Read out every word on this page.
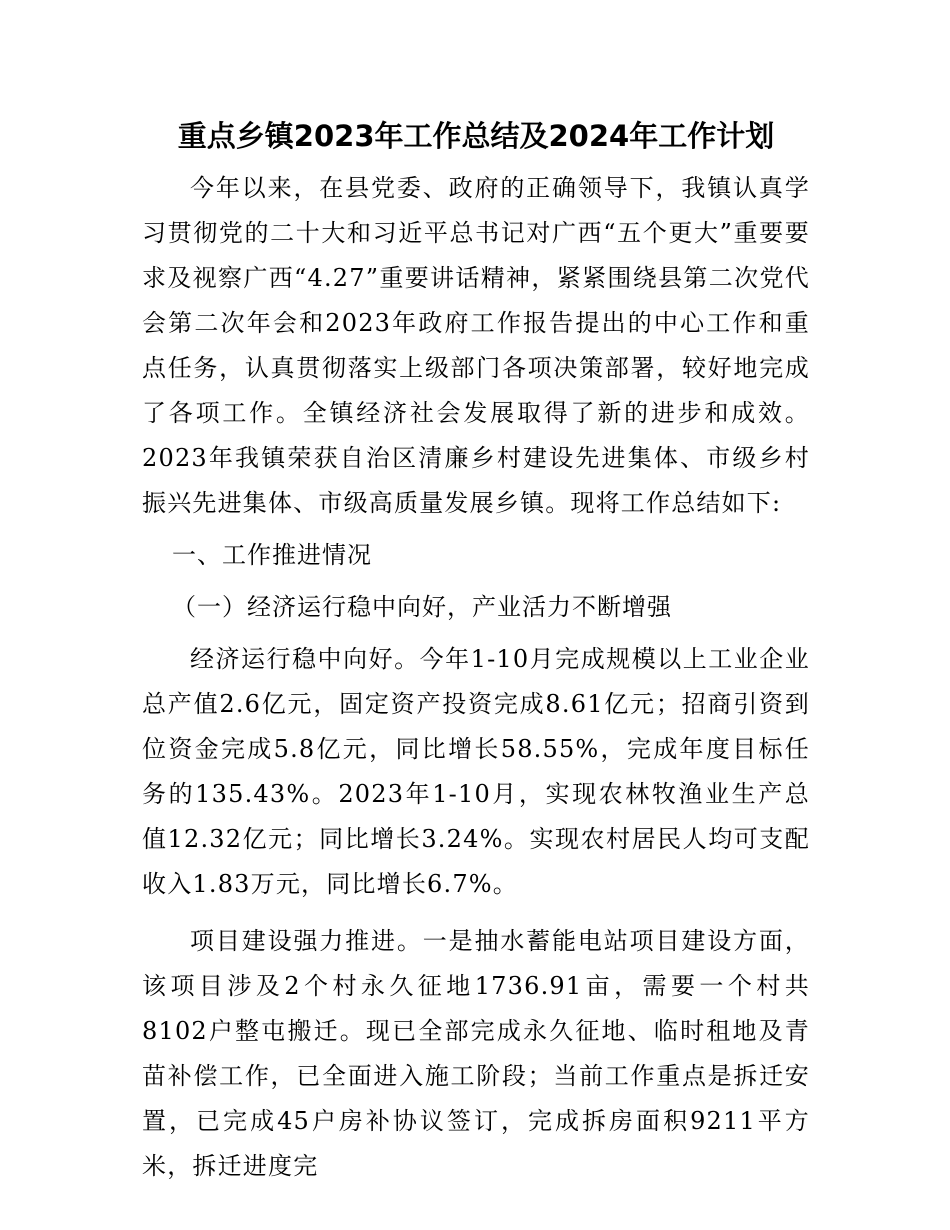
重点乡镇2023年工作总结及2024年工作计划

今年以来，在县党委、政府的正确领导下，我镇认真学习贯彻党的二十大和习近平总书记对广西“五个更大”重要要求及视察广西“4.27”重要讲话精神，紧紧围绕县第二次党代会第二次年会和2023年政府工作报告提出的中心工作和重点任务，认真贯彻落实上级部门各项决策部署，较好地完成了各项工作。全镇经济社会发展取得了新的进步和成效。2023年我镇荣获自治区清廉乡村建设先进集体、市级乡村振兴先进集体、市级高质量发展乡镇。现将工作总结如下:

一、工作推进情况

（一）经济运行稳中向好，产业活力不断增强

经济运行稳中向好。今年1-10月完成规模以上工业企业总产值2.6亿元，固定资产投资完成8.61亿元；招商引资到位资金完成5.8亿元，同比增长58.55%，完成年度目标任务的135.43%。2023年1-10月，实现农林牧渔业生产总值12.32亿元；同比增长3.24%。实现农村居民人均可支配收入1.83万元，同比增长6.7%。

项目建设强力推进。一是抽水蓄能电站项目建设方面，该项目涉及2个村永久征地1736.91亩，需要一个村共8102户整屯搬迁。现已全部完成永久征地、临时租地及青苗补偿工作，已全面进入施工阶段；当前工作重点是拆迁安置，已完成45户房补协议签订，完成拆房面积9211平方米，拆迁进度完
